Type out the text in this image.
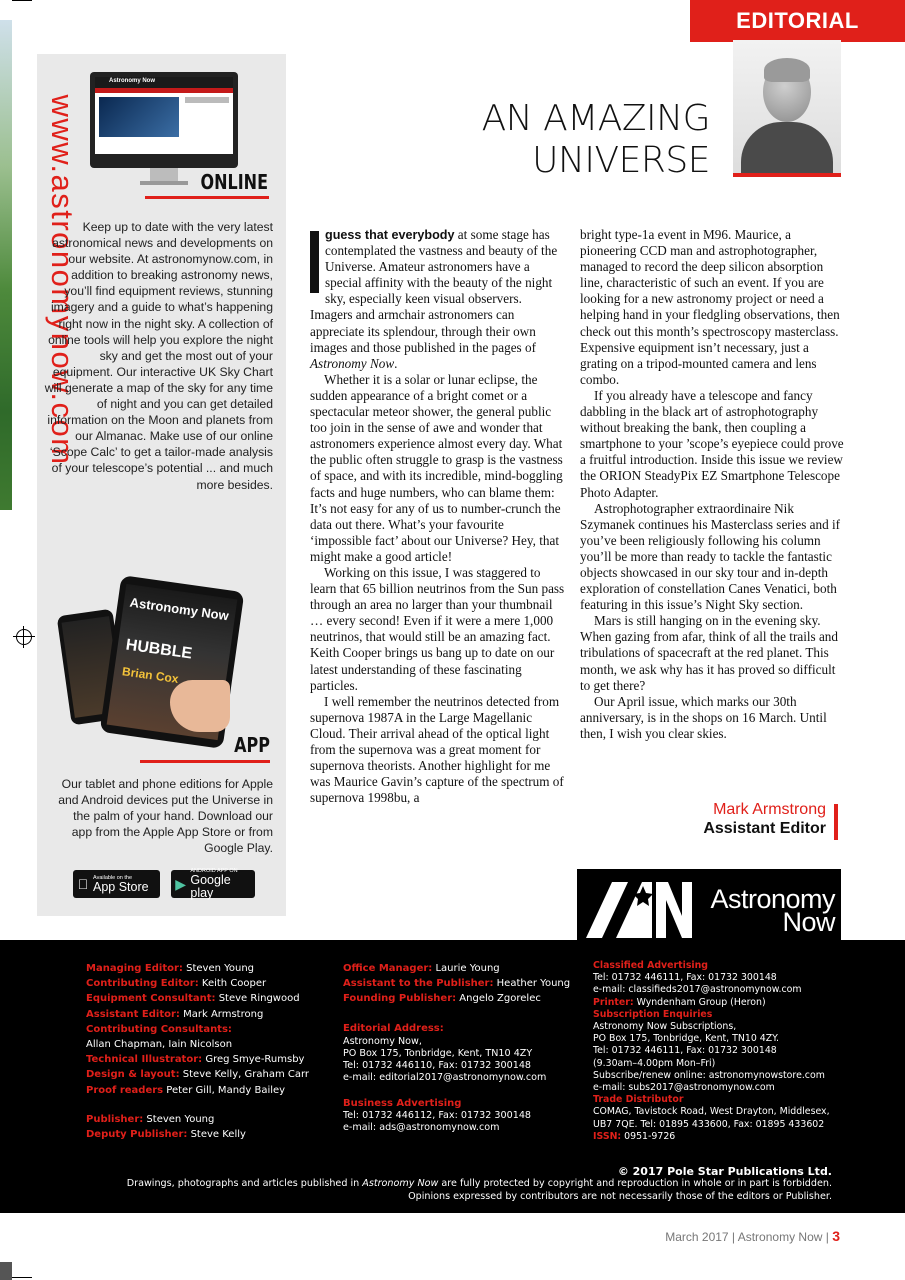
EDITORIAL
www.astronomynow.com
Astronomy Now
ONLINE
Keep up to date with the very latest astronomical news and developments on our website. At astronomynow.com, in addition to breaking astronomy news, you’ll find equipment reviews, stunning imagery and a guide to what’s happening right now in the night sky. A collection of online tools will help you explore the night sky and get the most out of your equipment. Our interactive UK Sky Chart will generate a map of the sky for any time of night and you can get detailed information on the Moon and planets from our Almanac. Make use of our online ‘Scope Calc’ to get a tailor-made analysis of your telescope’s potential ... and much more besides.
Astronomy Now
HUBBLE
Brian Cox
APP
Our tablet and phone editions for Apple and Android devices put the Universe in the palm of your hand. Download our app from the Apple App Store or from Google Play.
Available on the
App Store	▶
ANDROID APP ON
Google play
AN AMAZING
UNIVERSE

guess that everybody at some stage has contemplated the vastness and beauty of the Universe. Amateur astronomers have a special affinity with the beauty of the night sky, especially keen visual observers. Imagers and armchair astronomers can appreciate its splendour, through their own images and those published in the pages of Astronomy Now.

Whether it is a solar or lunar eclipse, the sudden appearance of a bright comet or a spectacular meteor shower, the general public too join in the sense of awe and wonder that astronomers experience almost every day. What the public often struggle to grasp is the vastness of space, and with its incredible, mind-boggling facts and huge numbers, who can blame them: It’s not easy for any of us to number-crunch the data out there. What’s your favourite ‘impossible fact’ about our Universe? Hey, that might make a good article!

Working on this issue, I was staggered to learn that 65 billion neutrinos from the Sun pass through an area no larger than your thumbnail … every second! Even if it were a mere 1,000 neutrinos, that would still be an amazing fact. Keith Cooper brings us bang up to date on our latest understanding of these fascinating particles.

I well remember the neutrinos detected from supernova 1987A in the Large Magellanic Cloud. Their arrival ahead of the optical light from the supernova was a great moment for supernova theorists. Another highlight for me was Maurice Gavin’s capture of the spectrum of supernova 1998bu, a

bright type-1a event in M96. Maurice, a pioneering CCD man and astrophotographer, managed to record the deep silicon absorption line, characteristic of such an event. If you are looking for a new astronomy project or need a helping hand in your fledgling observations, then check out this month’s spectroscopy masterclass. Expensive equipment isn’t necessary, just a grating on a tripod-mounted camera and lens combo.

If you already have a telescope and fancy dabbling in the black art of astrophotography without breaking the bank, then coupling a smartphone to your ’scope’s eyepiece could prove a fruitful introduction. Inside this issue we review the ORION SteadyPix EZ Smartphone Telescope Photo Adapter.

Astrophotographer extraordinaire Nik Szymanek continues his Masterclass series and if you’ve been religiously following his column you’ll be more than ready to tackle the fantastic objects showcased in our sky tour and in-depth exploration of constellation Canes Venatici, both featuring in this issue’s Night Sky section.

Mars is still hanging on in the evening sky. When gazing from afar, think of all the trails and tribulations of spacecraft at the red planet. This month, we ask why has it has proved so difficult to get there?

Our April issue, which marks our 30th anniversary, is in the shops on 16 March. Until then, I wish you clear skies.

Mark Armstrong
Assistant Editor
Astronomy
Now
Managing Editor: Steven Young
Contributing Editor: Keith Cooper
Equipment Consultant: Steve Ringwood
Assistant Editor: Mark Armstrong
Contributing Consultants:
Allan Chapman, Iain Nicolson
Technical Illustrator: Greg Smye-Rumsby
Design & layout: Steve Kelly, Graham Carr
Proof readers Peter Gill, Mandy Bailey
Publisher: Steven Young
Deputy Publisher: Steve Kelly
Office Manager: Laurie Young
Assistant to the Publisher: Heather Young
Founding Publisher: Angelo Zgorelec
Editorial Address:
Astronomy Now,
PO Box 175, Tonbridge, Kent, TN10 4ZY
Tel: 01732 446110, Fax: 01732 300148
e-mail: editorial2017@astronomynow.com
Business Advertising
Tel: 01732 446112, Fax: 01732 300148
e-mail: ads@astronomynow.com
Classified Advertising
Tel: 01732 446111, Fax: 01732 300148
e-mail: classifieds2017@astronomynow.com
Printer: Wyndenham Group (Heron)
Subscription Enquiries
Astronomy Now Subscriptions,
PO Box 175, Tonbridge, Kent, TN10 4ZY.
Tel: 01732 446111, Fax: 01732 300148
(9.30am–4.00pm Mon–Fri)
Subscribe/renew online: astronomynowstore.com
e-mail: subs2017@astronomynow.com
Trade Distributor
COMAG, Tavistock Road, West Drayton, Middlesex,
UB7 7QE. Tel: 01895 433600, Fax: 01895 433602
ISSN: 0951-9726
© 2017 Pole Star Publications Ltd.
Drawings, photographs and articles published in Astronomy Now are fully protected by copyright and reproduction in whole or in part is forbidden.
Opinions expressed by contributors are not necessarily those of the editors or Publisher.
March 2017 | Astronomy Now | 3
